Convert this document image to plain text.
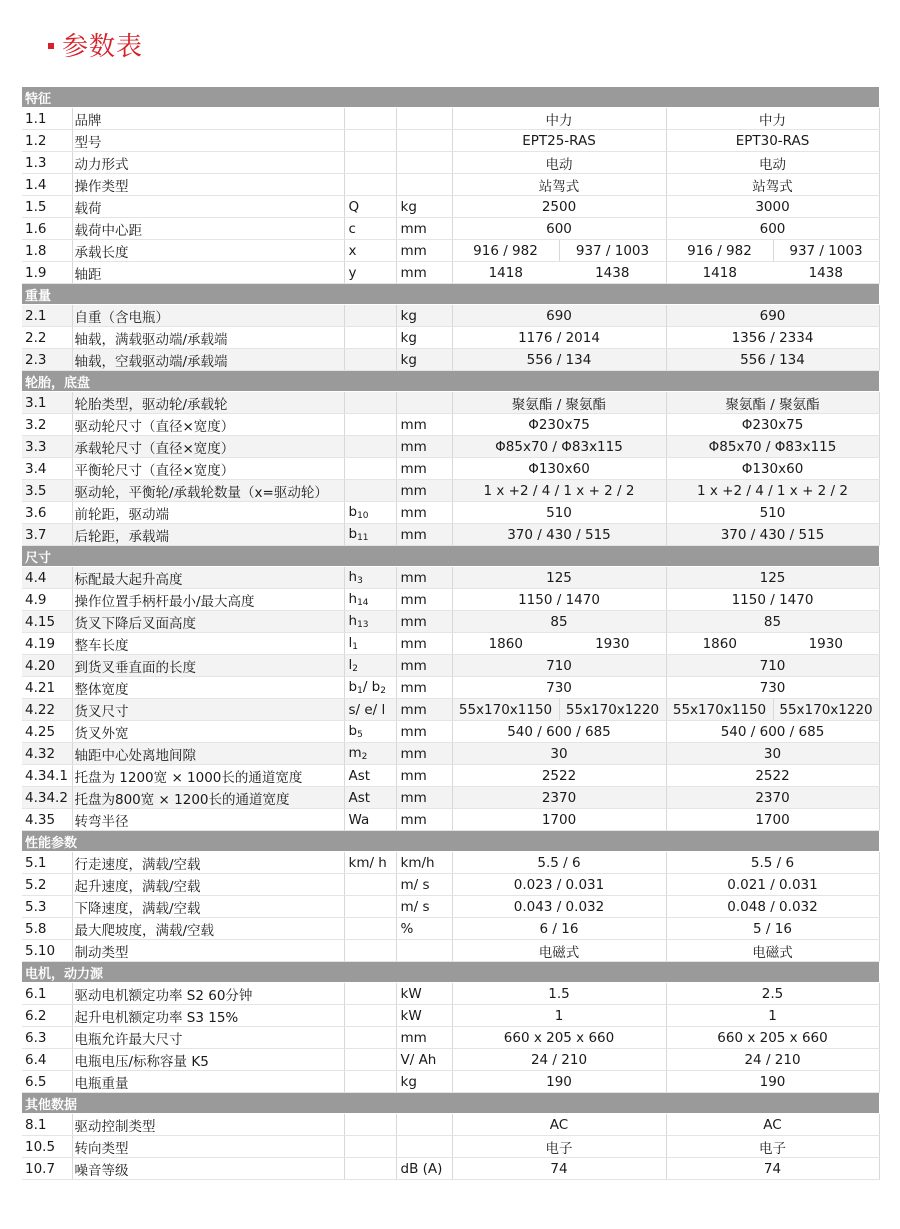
参数表
特征							
1.1	品牌			中力		中力	
1.2	型号			EPT25-RAS		EPT30-RAS	
1.3	动力形式			电动		电动	
1.4	操作类型			站驾式		站驾式	
1.5	载荷	Q	kg	2500		3000	
1.6	载荷中心距	c	mm	600		600	
1.8	承载长度	x	mm	916 / 982	937 / 1003	916 / 982	937 / 1003
1.9	轴距	y	mm	1418	1438	1418	1438
重量							
2.1	自重（含电瓶）		kg	690		690	
2.2	轴载，满载驱动端/承载端		kg	1176 / 2014		1356 / 2334	
2.3	轴载，空载驱动端/承载端		kg	556 / 134		556 / 134	
轮胎，底盘							
3.1	轮胎类型，驱动轮/承载轮			聚氨酯 / 聚氨酯		聚氨酯 / 聚氨酯	
3.2	驱动轮尺寸（直径×宽度）		mm	Φ230x75		Φ230x75	
3.3	承载轮尺寸（直径×宽度）		mm	Φ85x70 / Φ83x115		Φ85x70 / Φ83x115	
3.4	平衡轮尺寸（直径×宽度）		mm	Φ130x60		Φ130x60	
3.5	驱动轮，平衡轮/承载轮数量（x=驱动轮）		mm	1 x +2 / 4 / 1 x + 2 / 2		1 x +2 / 4 / 1 x + 2 / 2	
3.6	前轮距，驱动端	$b_{10}$	mm	510		510	
3.7	后轮距，承载端	$b_{11}$	mm	370 / 430 / 515		370 / 430 / 515	
尺寸							
4.4	标配最大起升高度	$h_3$	mm	125		125	
4.9	操作位置手柄杆最小/最大高度	$h_{14}$	mm	1150 / 1470		1150 / 1470	
4.15	货叉下降后叉面高度	$h_{13}$	mm	85		85	
4.19	整车长度	$l_1$	mm	1860	1930	1860	1930
4.20	到货叉垂直面的长度	$l_2$	mm	710		710	
4.21	整体宽度	$b_1/$ $b_2$	mm	730		730	
4.22	货叉尺寸	s/ e/ l	mm	55x170x1150	55x170x1220	55x170x1150	55x170x1220
4.25	货叉外宽	$b_5$	mm	540 / 600 / 685		540 / 600 / 685	
4.32	轴距中心处离地间隙	$m_2$	mm	30		30	
4.34.1	托盘为 1200宽 × 1000长的通道宽度	Ast	mm	2522		2522	
4.34.2	托盘为800宽 × 1200长的通道宽度	Ast	mm	2370		2370	
4.35	转弯半径	Wa	mm	1700		1700	
性能参数							
5.1	行走速度，满载/空载	km/ h	km/h	5.5 / 6		5.5 / 6	
5.2	起升速度，满载/空载		m/ s	0.023 / 0.031		0.021 / 0.031	
5.3	下降速度，满载/空载		m/ s	0.043 / 0.032		0.048 / 0.032	
5.8	最大爬坡度，满载/空载		%	6 / 16		5 / 16	
5.10	制动类型			电磁式		电磁式	
电机，动力源							
6.1	驱动电机额定功率 S2 60分钟		kW	1.5		2.5	
6.2	起升电机额定功率 S3 15%		kW	1		1	
6.3	电瓶允许最大尺寸		mm	660 x 205 x 660		660 x 205 x 660	
6.4	电瓶电压/标称容量 K5		V/ Ah	24 / 210		24 / 210	
6.5	电瓶重量		kg	190		190	
其他数据							
8.1	驱动控制类型			AC		AC	
10.5	转向类型			电子		电子	
10.7	噪音等级		dB (A)	74		74	
